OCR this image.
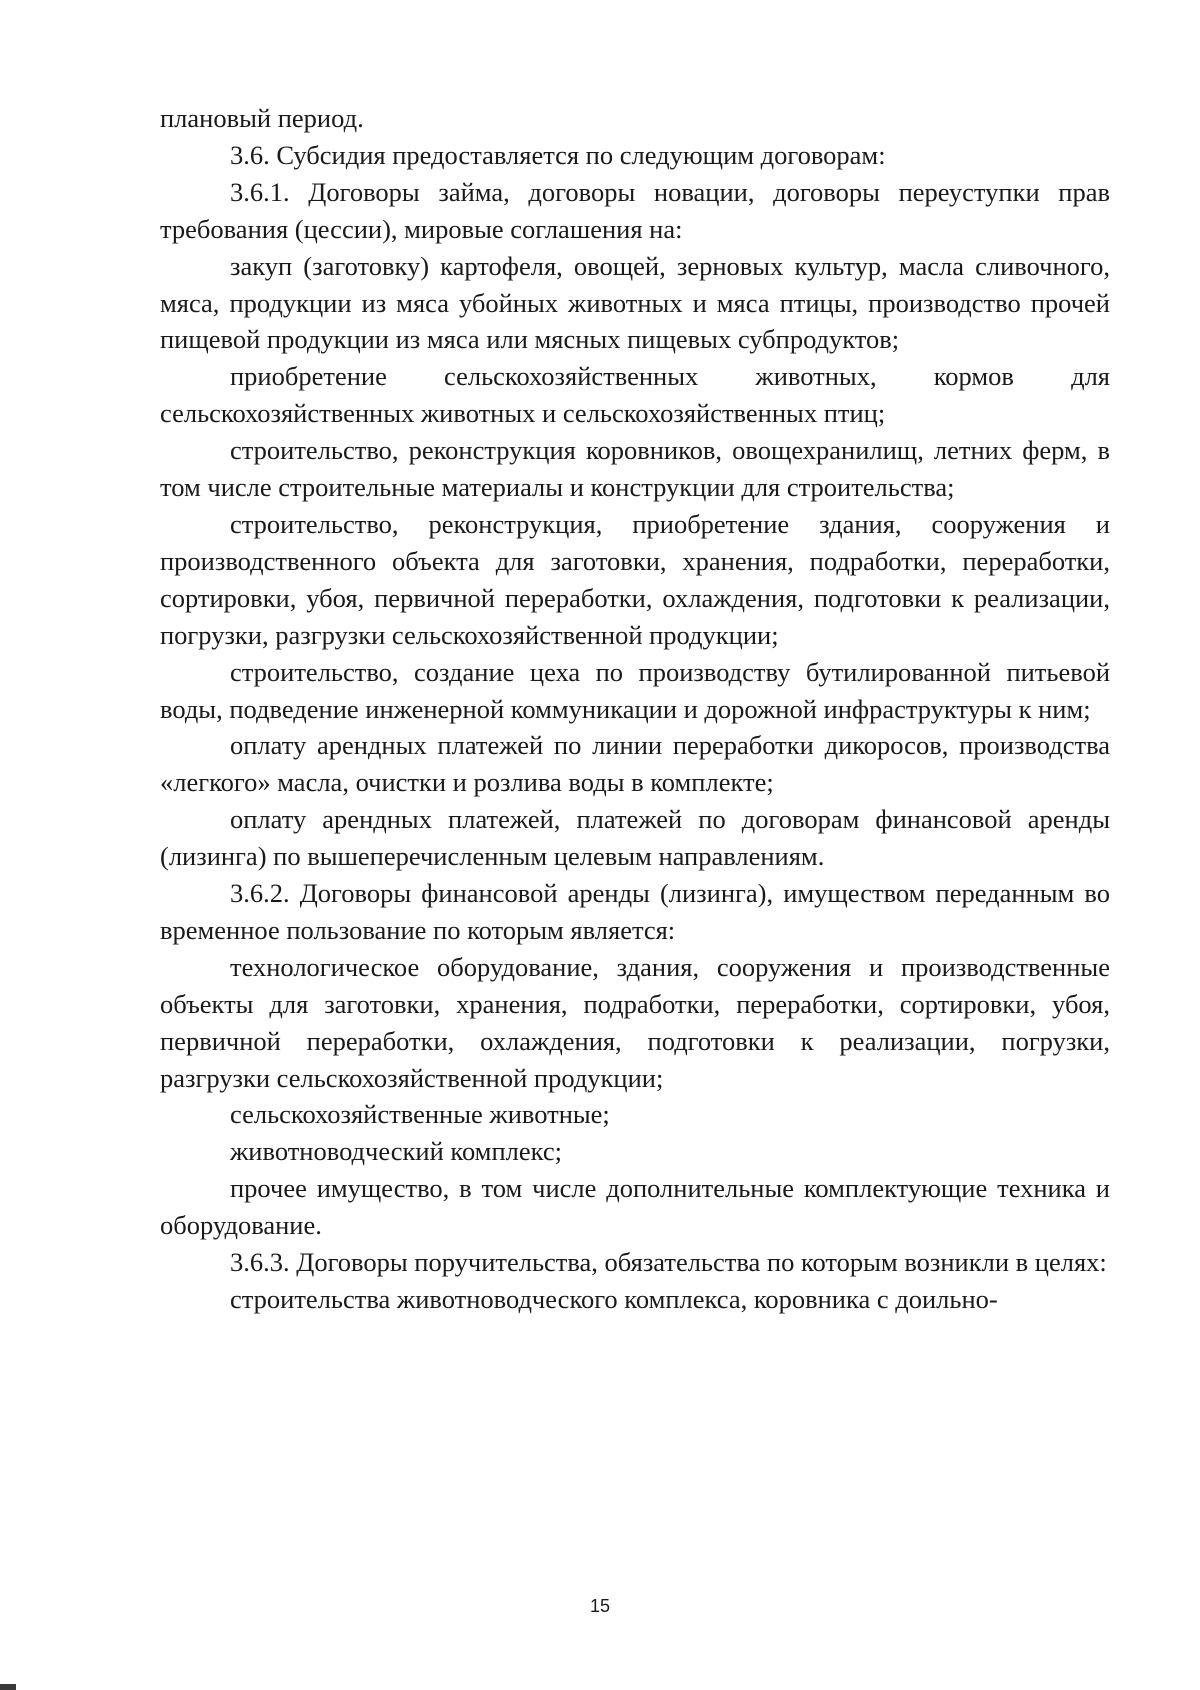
плановый период.

3.6. Субсидия предоставляется по следующим договорам:

3.6.1. Договоры займа, договоры новации, договоры переуступки прав требования (цессии), мировые соглашения на:

закуп (заготовку) картофеля, овощей, зерновых культур, масла сливочного, мяса, продукции из мяса убойных животных и мяса птицы, производство прочей пищевой продукции из мяса или мясных пищевых субпродуктов;

приобретение сельскохозяйственных животных, кормов для сельскохозяйственных животных и сельскохозяйственных птиц;

строительство, реконструкция коровников, овощехранилищ, летних ферм, в том числе строительные материалы и конструкции для строительства;

строительство, реконструкция, приобретение здания, сооружения и производственного объекта для заготовки, хранения, подработки, переработки, сортировки, убоя, первичной переработки, охлаждения, подготовки к реализации, погрузки, разгрузки сельскохозяйственной продукции;

строительство, создание цеха по производству бутилированной питьевой воды, подведение инженерной коммуникации и дорожной инфраструктуры к ним;

оплату арендных платежей по линии переработки дикоросов, производства «легкого» масла, очистки и розлива воды в комплекте;

оплату арендных платежей, платежей по договорам финансовой аренды (лизинга) по вышеперечисленным целевым направлениям.

3.6.2. Договоры финансовой аренды (лизинга), имуществом переданным во временное пользование по которым является:

технологическое оборудование, здания, сооружения и производственные объекты для заготовки, хранения, подработки, переработки, сортировки, убоя, первичной переработки, охлаждения, подготовки к реализации, погрузки, разгрузки сельскохозяйственной продукции;

сельскохозяйственные животные;

животноводческий комплекс;

прочее имущество, в том числе дополнительные комплектующие техника и оборудование.

3.6.3. Договоры поручительства, обязательства по которым возникли в целях:

строительства животноводческого комплекса, коровника с доильно-

15
